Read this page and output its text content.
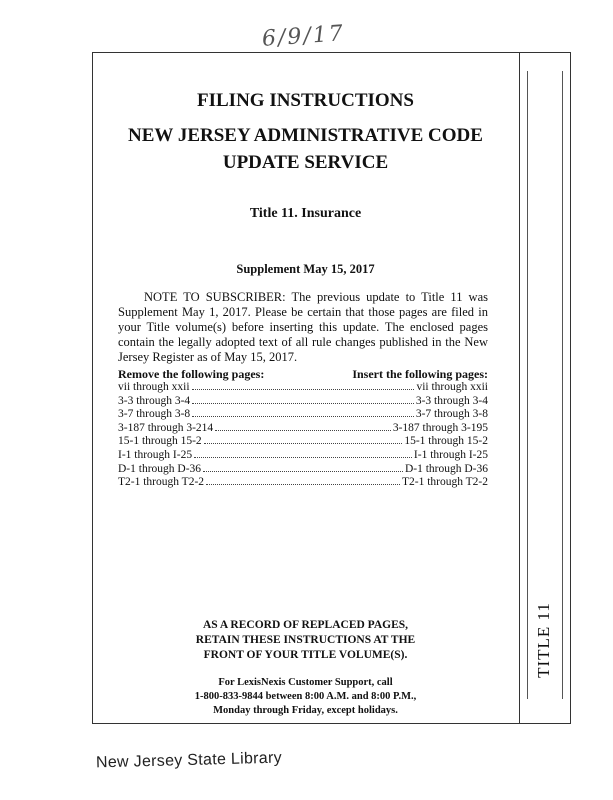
6/9/17
TITLE 11
FILING INSTRUCTIONS
NEW JERSEY ADMINISTRATIVE CODE
UPDATE SERVICE
Title 11. Insurance
Supplement May 15, 2017
NOTE TO SUBSCRIBER: The previous update to Title 11 was Supplement May 1, 2017. Please be certain that those pages are filed in your Title volume(s) before inserting this update. The enclosed pages contain the legally adopted text of all rule changes published in the New Jersey Register as of May 15, 2017.
Remove the following pages:	Insert the following pages:
vii through xxii	vii through xxii
3-3 through 3-4	3-3 through 3-4
3-7 through 3-8	3-7 through 3-8
3-187 through 3-214	3-187 through 3-195
15-1 through 15-2	15-1 through 15-2
I-1 through I-25	I-1 through I-25
D-1 through D-36	D-1 through D-36
T2-1 through T2-2	T2-1 through T2-2
AS A RECORD OF REPLACED PAGES,
RETAIN THESE INSTRUCTIONS AT THE
FRONT OF YOUR TITLE VOLUME(S).
For LexisNexis Customer Support, call
1-800-833-9844 between 8:00 A.M. and 8:00 P.M.,
Monday through Friday, except holidays.
New Jersey State Library
